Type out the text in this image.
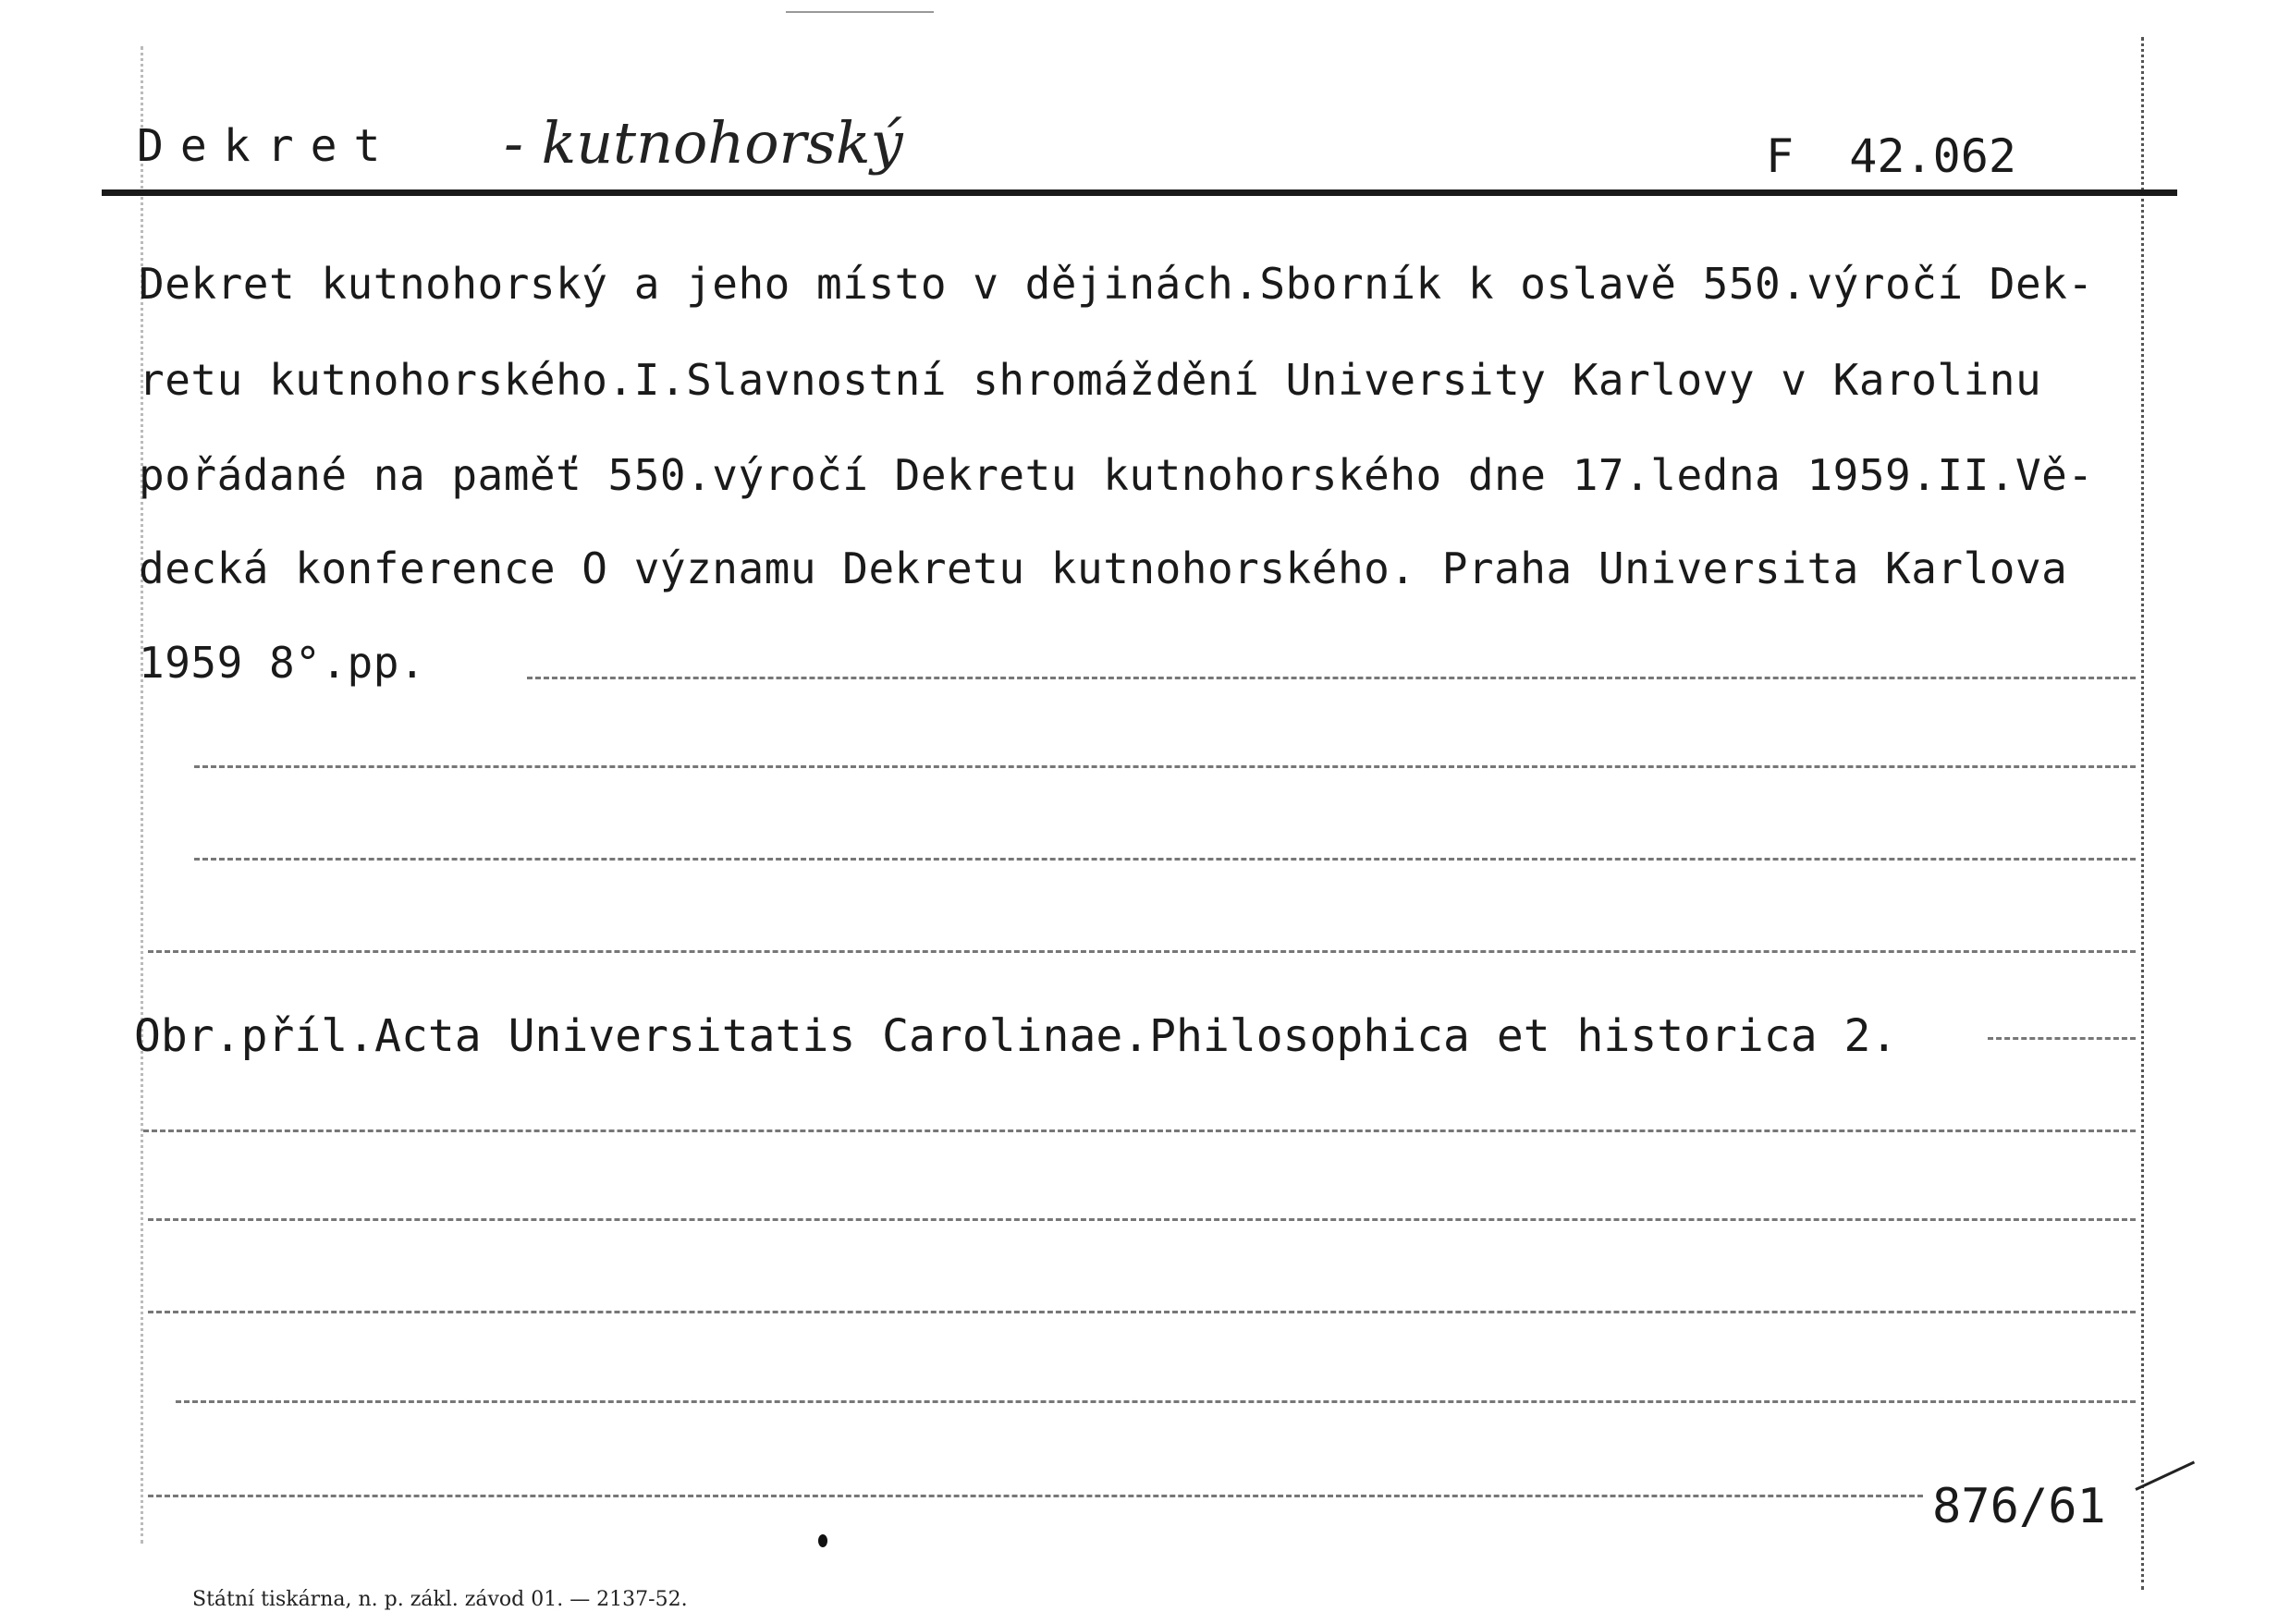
Dekret - kutnohorský	F  42.062
Dekret kutnohorský a jeho místo v dějinách.Sborník k oslavě 550.výročí Dek-
retu kutnohorského.I.Slavnostní shromáždění University Karlovy v Karolinu
pořádané na paměť 550.výročí Dekretu kutnohorského dne 17.ledna 1959.II.Vě-
decká konference O významu Dekretu kutnohorského. Praha Universita Karlova
1959 8°.pp.
Obr.příl.Acta Universitatis Carolinae.Philosophica et historica 2.
876/61
Státní tiskárna, n. p. zákl. závod 01. — 2137-52.
